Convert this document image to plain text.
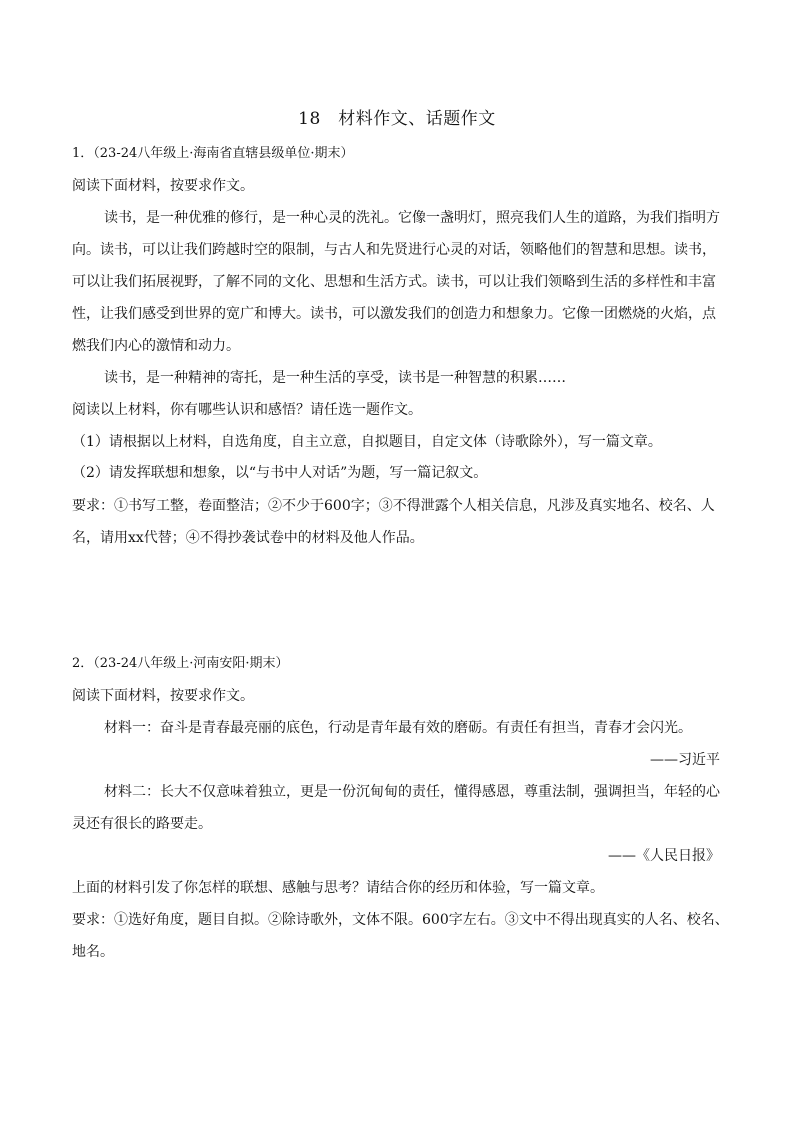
18　材料作文、话题作文
1．（23-24八年级上·海南省直辖县级单位·期末）
阅读下面材料，按要求作文。
读书，是一种优雅的修行，是一种心灵的洗礼。它像一盏明灯，照亮我们人生的道路，为我们指明方
向。读书，可以让我们跨越时空的限制，与古人和先贤进行心灵的对话，领略他们的智慧和思想。读书，
可以让我们拓展视野，了解不同的文化、思想和生活方式。读书，可以让我们领略到生活的多样性和丰富
性，让我们感受到世界的宽广和博大。读书，可以激发我们的创造力和想象力。它像一团燃烧的火焰，点
燃我们内心的激情和动力。
读书，是一种精神的寄托，是一种生活的享受，读书是一种智慧的积累……
阅读以上材料，你有哪些认识和感悟？请任选一题作文。
（1）请根据以上材料，自选角度，自主立意，自拟题目，自定文体（诗歌除外），写一篇文章。
（2）请发挥联想和想象，以“与书中人对话”为题，写一篇记叙文。
要求：①书写工整，卷面整洁；②不少于600字；③不得泄露个人相关信息，凡涉及真实地名、校名、人
名，请用xx代替；④不得抄袭试卷中的材料及他人作品。
2．（23-24八年级上·河南安阳·期末）
阅读下面材料，按要求作文。
材料一：奋斗是青春最亮丽的底色，行动是青年最有效的磨砺。有责任有担当，青春才会闪光。
——习近平
材料二：长大不仅意味着独立，更是一份沉甸甸的责任，懂得感恩，尊重法制，强调担当，年轻的心
灵还有很长的路要走。
——《人民日报》
上面的材料引发了你怎样的联想、感触与思考？请结合你的经历和体验，写一篇文章。
要求：①选好角度，题目自拟。②除诗歌外，文体不限。600字左右。③文中不得出现真实的人名、校名、
地名。
